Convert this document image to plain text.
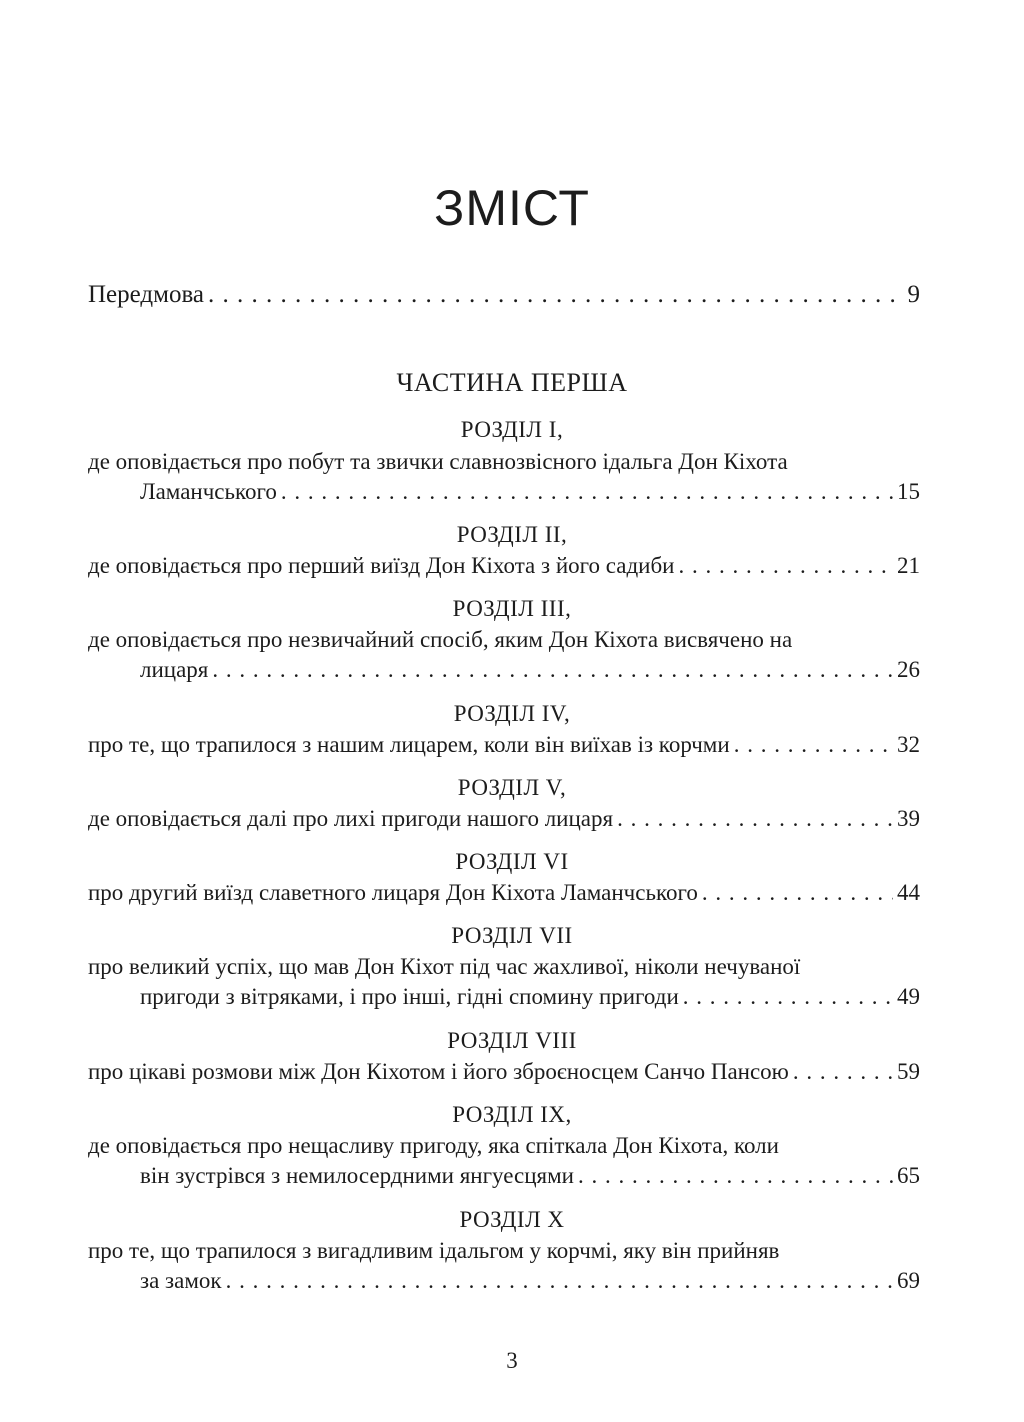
ЗМІСТ
Передмова . . .	9
ЧАСТИНА ПЕРША
РОЗДІЛ І,
де оповідається про побут та звички славнозвісного ідальга Дон Кіхота
Ламанчського . . .	15
РОЗДІЛ ІІ,
де оповідається про перший виїзд Дон Кіхота з його садиби . . .	21
РОЗДІЛ ІІІ,
де оповідається про незвичайний спосіб, яким Дон Кіхота висвячено на
лицаря . . .	26
РОЗДІЛ IV,
про те, що трапилося з нашим лицарем, коли він виїхав із корчми . . .	32
РОЗДІЛ V,
де оповідається далі про лихі пригоди нашого лицаря . . .	39
РОЗДІЛ VI
про другий виїзд славетного лицаря Дон Кіхота Ламанчського . . .	44
РОЗДІЛ VII
про великий успіх, що мав Дон Кіхот під час жахливої, ніколи нечуваної
пригоди з вітряками, і про інші, гідні спомину пригоди . . .	49
РОЗДІЛ VIII
про цікаві розмови між Дон Кіхотом і його зброєносцем Санчо Пансою . . .	59
РОЗДІЛ IX,
де оповідається про нещасливу пригоду, яка спіткала Дон Кіхота, коли
він зустрівся з немилосердними янгуесцями . . .	65
РОЗДІЛ X
про те, що трапилося з вигадливим ідальгом у корчмі, яку він прийняв
за замок . . .	69
3
